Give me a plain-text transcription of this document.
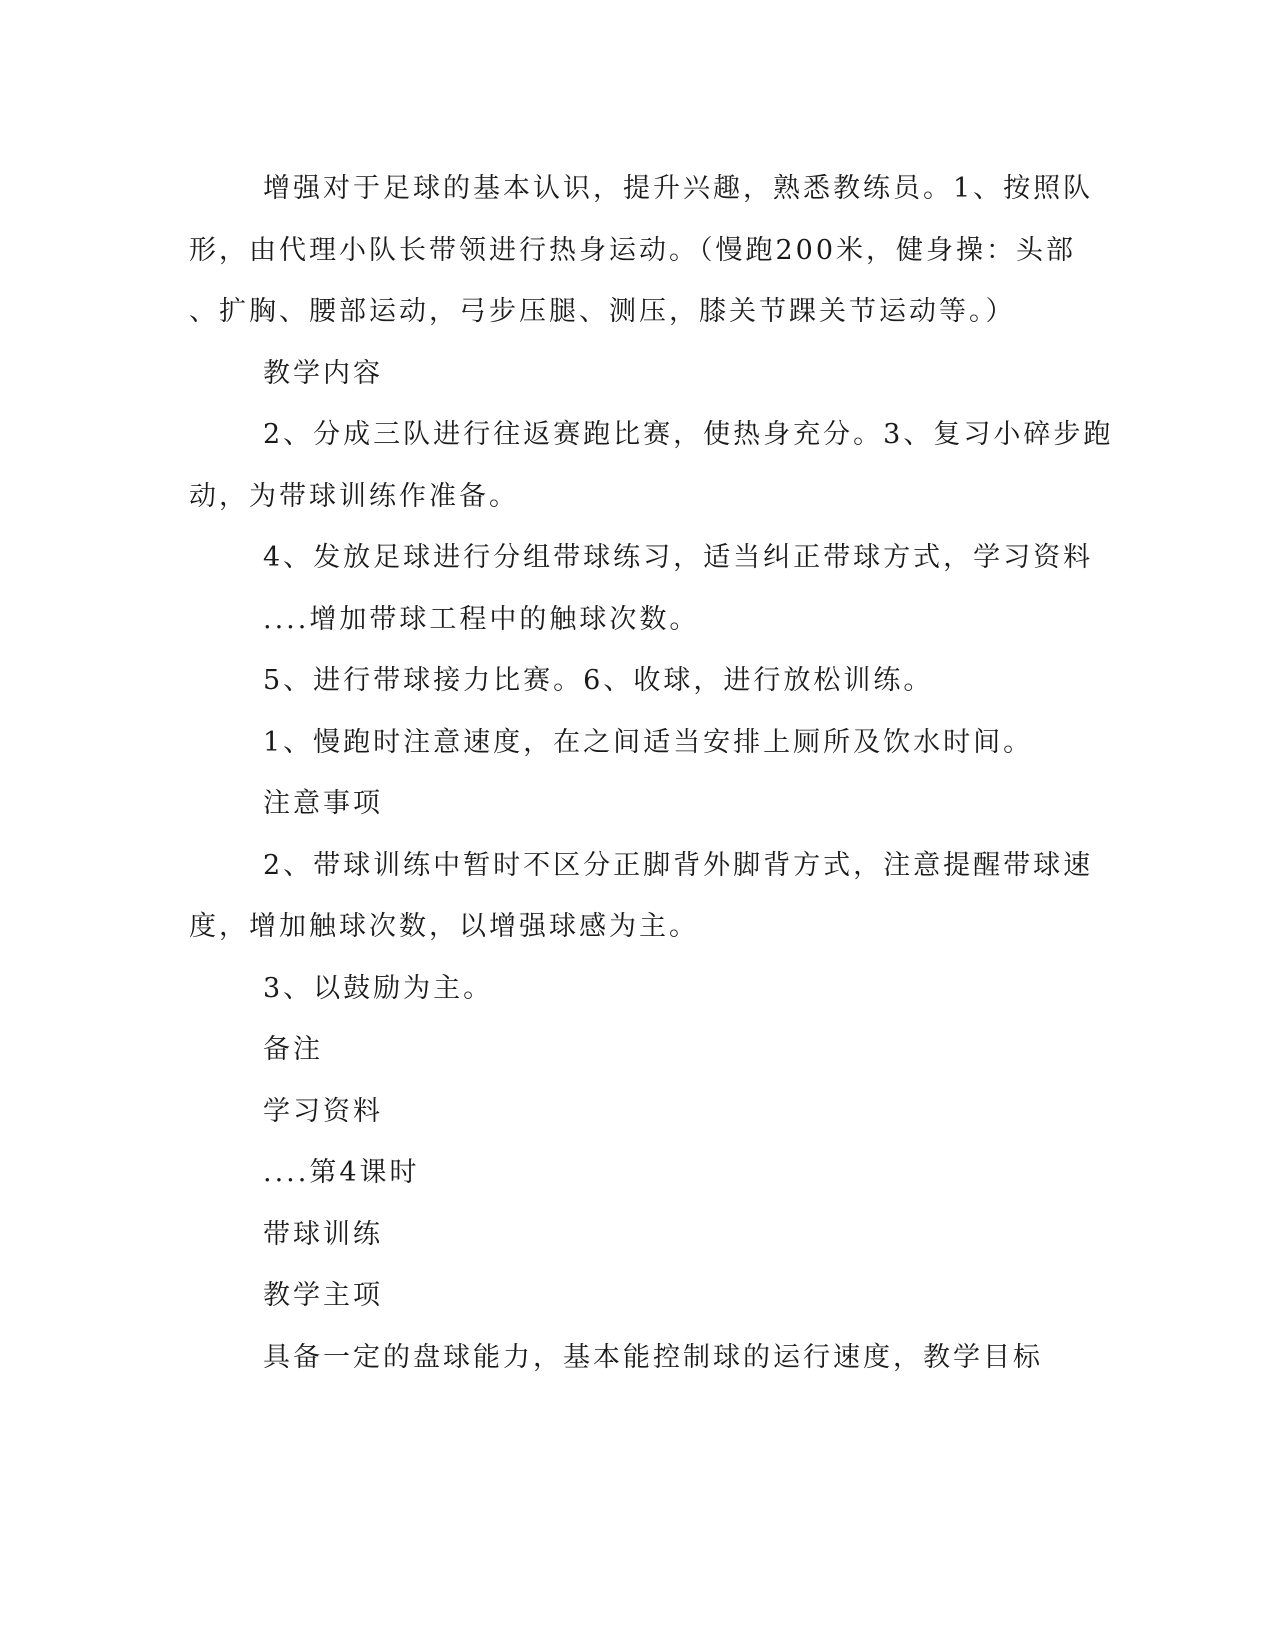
增强对于足球的基本认识，提升兴趣，熟悉教练员。1、按照队
形，由代理小队长带领进行热身运动。（慢跑200米，健身操：头部
、扩胸、腰部运动，弓步压腿、测压，膝关节踝关节运动等。）
教学内容
2、分成三队进行往返赛跑比赛，使热身充分。3、复习小碎步跑
动，为带球训练作准备。
4、发放足球进行分组带球练习，适当纠正带球方式，学习资料
....增加带球工程中的触球次数。
5、进行带球接力比赛。6、收球，进行放松训练。
1、慢跑时注意速度，在之间适当安排上厕所及饮水时间。
注意事项
2、带球训练中暂时不区分正脚背外脚背方式，注意提醒带球速
度，增加触球次数，以增强球感为主。
3、以鼓励为主。
备注
学习资料
....第4课时
带球训练
教学主项
具备一定的盘球能力，基本能控制球的运行速度，教学目标
